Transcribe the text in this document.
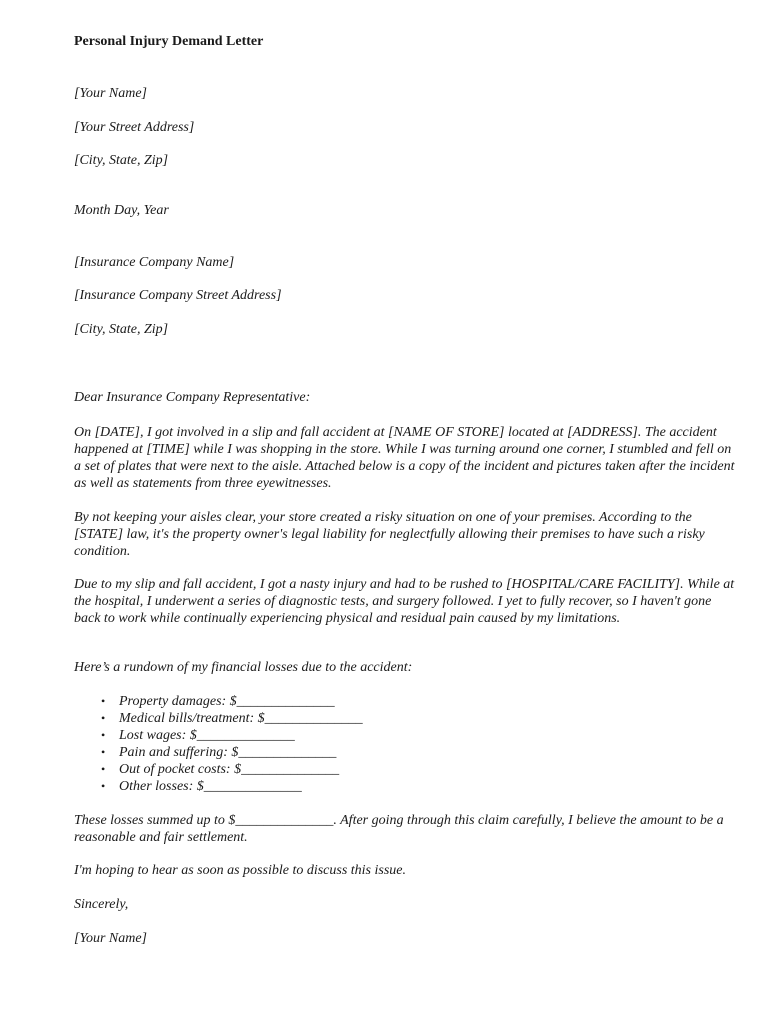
Personal Injury Demand Letter
[Your Name]
[Your Street Address]
[City, State, Zip]
Month Day, Year
[Insurance Company Name]
[Insurance Company Street Address]
[City, State, Zip]
Dear Insurance Company Representative:

On [DATE], I got involved in a slip and fall accident at [NAME OF STORE] located at [ADDRESS]. The accident happened at [TIME] while I was shopping in the store. While I was turning around one corner, I stumbled and fell on a set of plates that were next to the aisle. Attached below is a copy of the incident and pictures taken after the incident as well as statements from three eyewitnesses.

By not keeping your aisles clear, your store created a risky situation on one of your premises. According to the [STATE] law, it's the property owner's legal liability for neglectfully allowing their premises to have such a risky condition.

Due to my slip and fall accident, I got a nasty injury and had to be rushed to [HOSPITAL/CARE FACILITY]. While at the hospital, I underwent a series of diagnostic tests, and surgery followed. I yet to fully recover, so I haven't gone back to work while continually experiencing physical and residual pain caused by my limitations.

Here’s a rundown of my financial losses due to the accident:
• Property damages: $______________
• Medical bills/treatment: $______________
• Lost wages: $______________
• Pain and suffering: $______________
• Out of pocket costs: $______________
• Other losses: $______________

These losses summed up to $______________. After going through this claim carefully, I believe the amount to be a reasonable and fair settlement.

I'm hoping to hear as soon as possible to discuss this issue.
Sincerely,
[Your Name]
